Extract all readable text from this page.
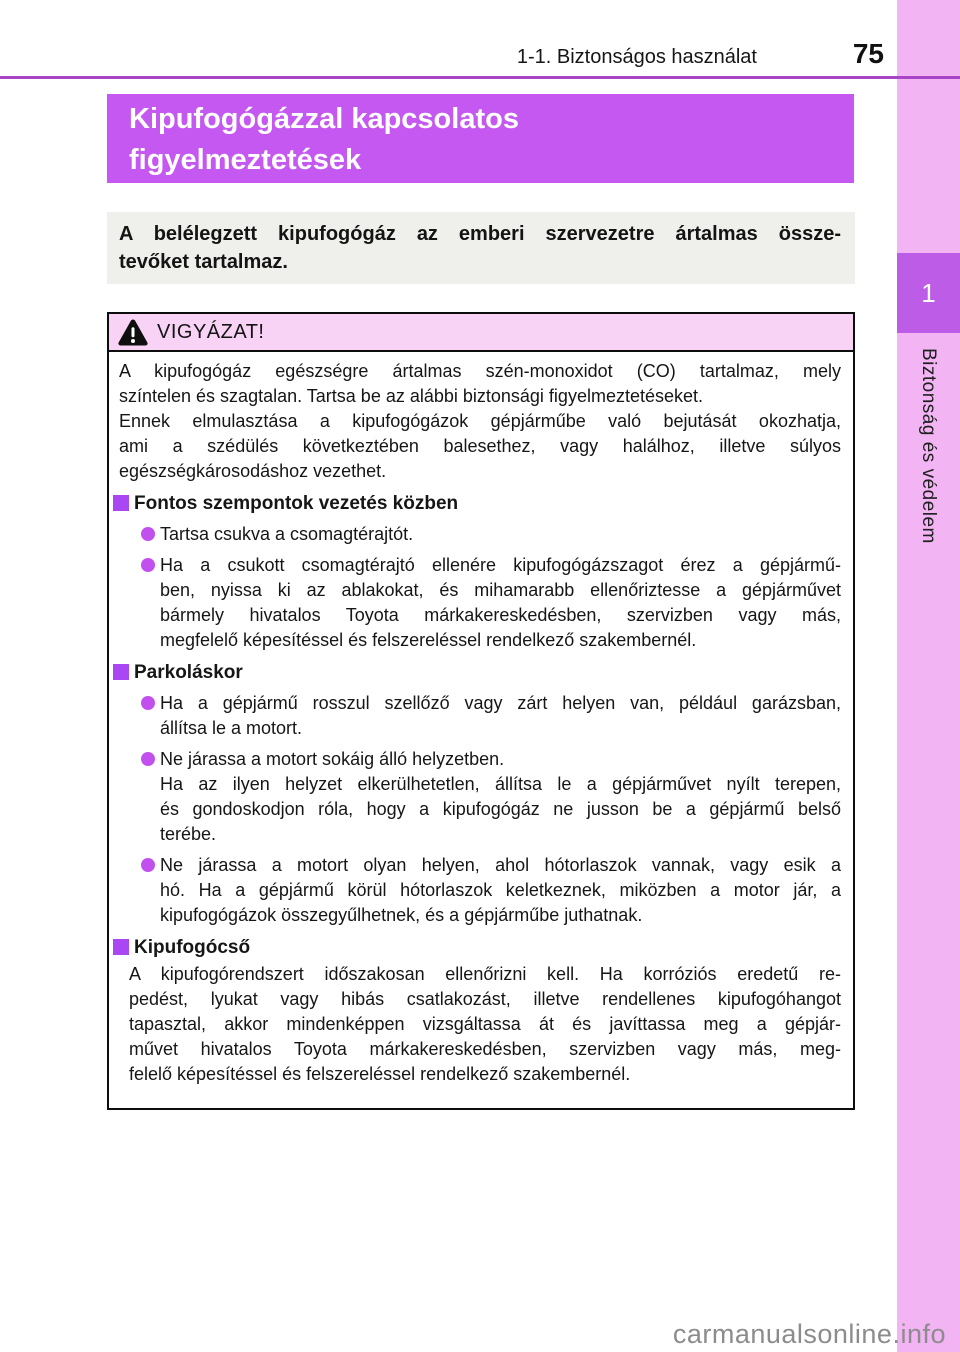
1
Biztonság és védelem
1-1. Biztonságos használat	75
Kipufogógázzal kapcsolatos
figyelmeztetések
A belélegzett kipufogógáz az emberi szervezetre ártalmas össze-
tevőket tartalmaz.
VIGYÁZAT!
A kipufogógáz egészségre ártalmas szén-monoxidot (CO) tartalmaz, mely
színtelen és szagtalan. Tartsa be az alábbi biztonsági figyelmeztetéseket.
Ennek elmulasztása a kipufogógázok gépjárműbe való bejutását okozhatja,
ami a szédülés következtében balesethez, vagy halálhoz, illetve súlyos
egészségkárosodáshoz vezethet.
Fontos szempontok vezetés közben
Tartsa csukva a csomagtérajtót.
Ha a csukott csomagtérajtó ellenére kipufogógázszagot érez a gépjármű-
ben, nyissa ki az ablakokat, és mihamarabb ellenőriztesse a gépjárművet
bármely hivatalos Toyota márkakereskedésben, szervizben vagy más,
megfelelő képesítéssel és felszereléssel rendelkező szakembernél.
Parkoláskor
Ha a gépjármű rosszul szellőző vagy zárt helyen van, például garázsban,
állítsa le a motort.
Ne járassa a motort sokáig álló helyzetben.
Ha az ilyen helyzet elkerülhetetlen, állítsa le a gépjárművet nyílt terepen,
és gondoskodjon róla, hogy a kipufogógáz ne jusson be a gépjármű belső
terébe.
Ne járassa a motort olyan helyen, ahol hótorlaszok vannak, vagy esik a
hó. Ha a gépjármű körül hótorlaszok keletkeznek, miközben a motor jár, a
kipufogógázok összegyűlhetnek, és a gépjárműbe juthatnak.
Kipufogócső
A kipufogórendszert időszakosan ellenőrizni kell. Ha korróziós eredetű re-
pedést, lyukat vagy hibás csatlakozást, illetve rendellenes kipufogóhangot
tapasztal, akkor mindenképpen vizsgáltassa át és javíttassa meg a gépjár-
művet hivatalos Toyota márkakereskedésben, szervizben vagy más, meg-
felelő képesítéssel és felszereléssel rendelkező szakembernél.
carmanualsonline.info
